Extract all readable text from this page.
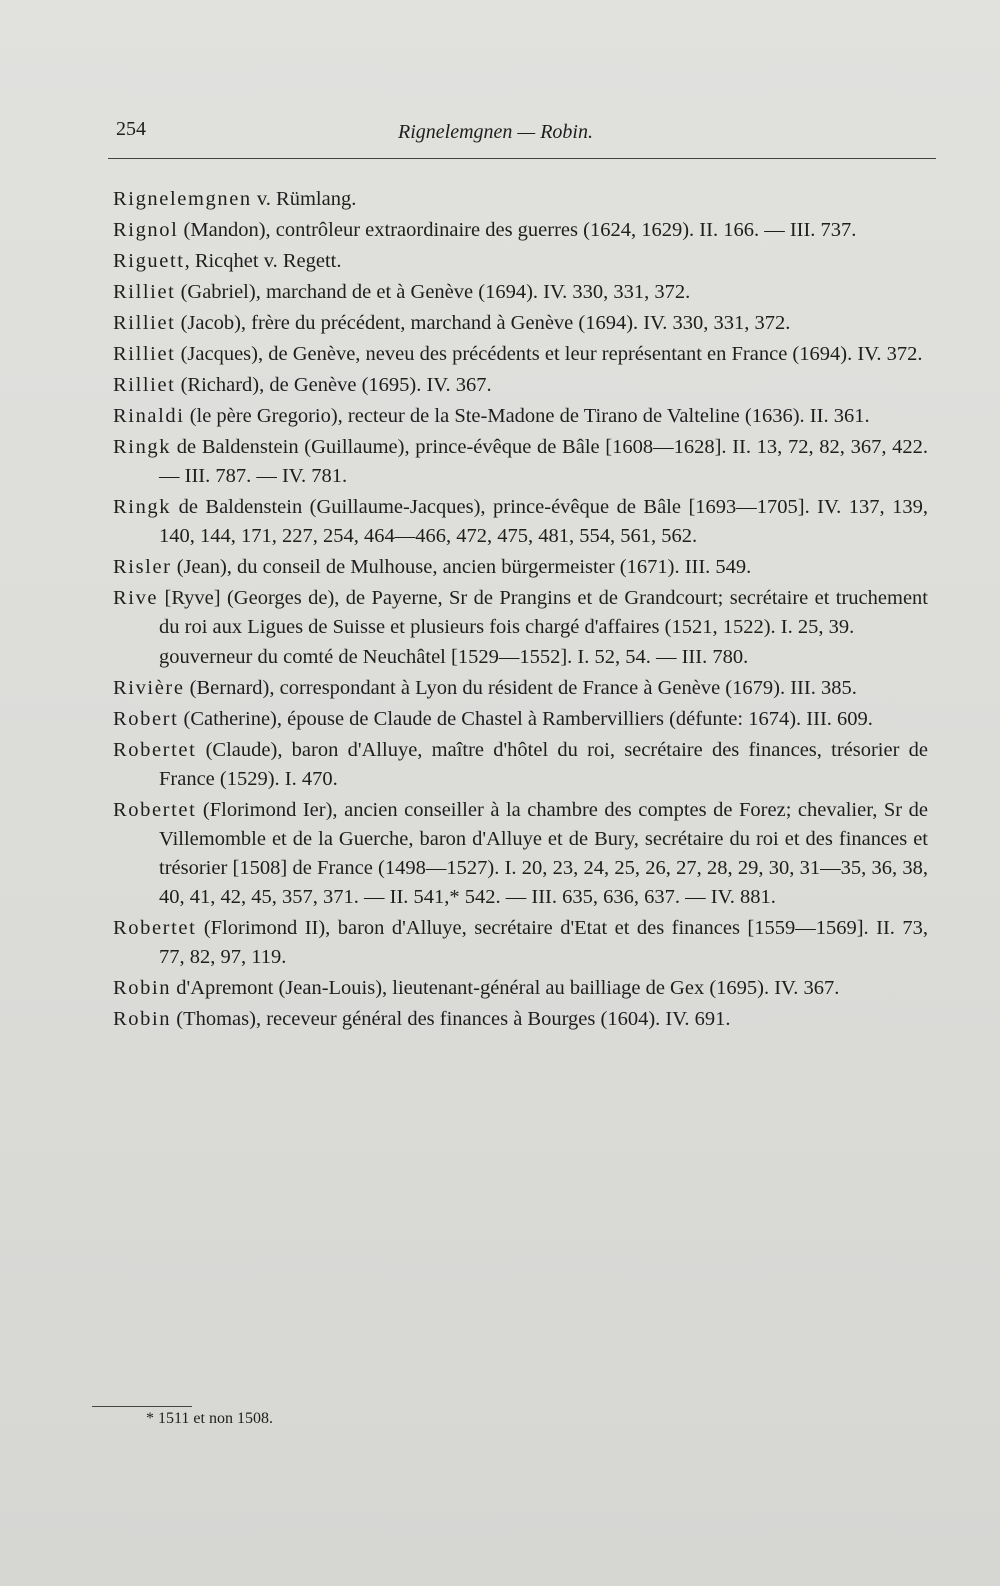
254	Rignelemgnen — Robin.

Rignelemgnen v. Rümlang.

Rignol (Mandon), contrôleur extraordinaire des guerres (1624, 1629). II. 166. — III. 737.

Riguett, Ricqhet v. Regett.

Rilliet (Gabriel), marchand de et à Genève (1694). IV. 330, 331, 372.

Rilliet (Jacob), frère du précédent, marchand à Genève (1694). IV. 330, 331, 372.

Rilliet (Jacques), de Genève, neveu des précédents et leur représentant en France (1694). IV. 372.

Rilliet (Richard), de Genève (1695). IV. 367.

Rinaldi (le père Gregorio), recteur de la Ste-Madone de Tirano de Valteline (1636). II. 361.

Ringk de Baldenstein (Guillaume), prince-évêque de Bâle [1608—1628]. II. 13, 72, 82, 367, 422. — III. 787. — IV. 781.

Ringk de Baldenstein (Guillaume-Jacques), prince-évêque de Bâle [1693—1705]. IV. 137, 139, 140, 144, 171, 227, 254, 464—466, 472, 475, 481, 554, 561, 562.

Risler (Jean), du conseil de Mulhouse, ancien bürgermeister (1671). III. 549.

Rive [Ryve] (Georges de), de Payerne, Sr de Prangins et de Grandcourt; secrétaire et truchement du roi aux Ligues de Suisse et plusieurs fois chargé d'affaires (1521, 1522). I. 25, 39.

gouverneur du comté de Neuchâtel [1529—1552]. I. 52, 54. — III. 780.

Rivière (Bernard), correspondant à Lyon du résident de France à Genève (1679). III. 385.

Robert (Catherine), épouse de Claude de Chastel à Rambervilliers (défunte: 1674). III. 609.

Robertet (Claude), baron d'Alluye, maître d'hôtel du roi, secrétaire des finances, trésorier de France (1529). I. 470.

Robertet (Florimond Ier), ancien conseiller à la chambre des comptes de Forez; chevalier, Sr de Villemomble et de la Guerche, baron d'Alluye et de Bury, secrétaire du roi et des finances et trésorier [1508] de France (1498—1527). I. 20, 23, 24, 25, 26, 27, 28, 29, 30, 31—35, 36, 38, 40, 41, 42, 45, 357, 371. — II. 541,* 542. — III. 635, 636, 637. — IV. 881.

Robertet (Florimond II), baron d'Alluye, secrétaire d'Etat et des finances [1559—1569]. II. 73, 77, 82, 97, 119.

Robin d'Apremont (Jean-Louis), lieutenant-général au bailliage de Gex (1695). IV. 367.

Robin (Thomas), receveur général des finances à Bourges (1604). IV. 691.

* 1511 et non 1508.
